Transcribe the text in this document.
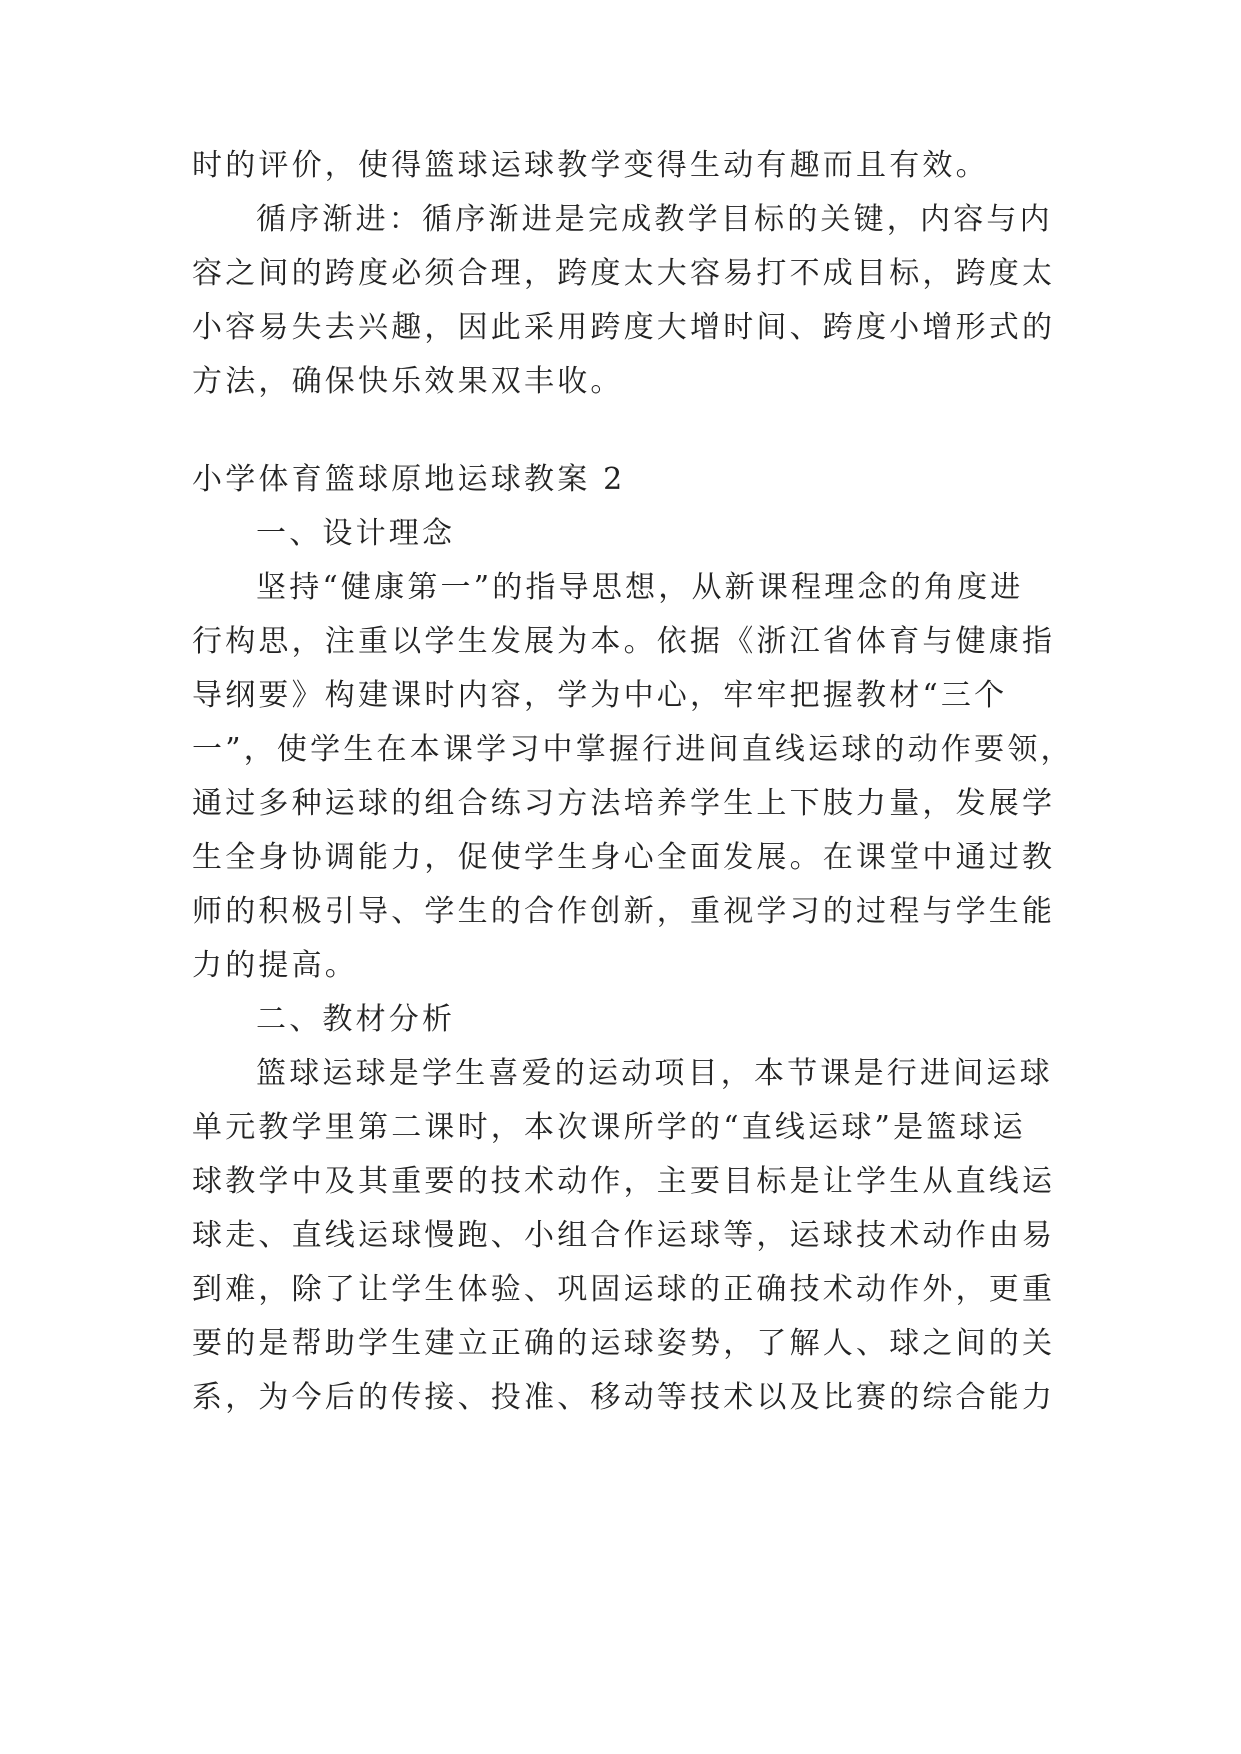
时的评价，使得篮球运球教学变得生动有趣而且有效。
循序渐进：循序渐进是完成教学目标的关键，内容与内
容之间的跨度必须合理，跨度太大容易打不成目标，跨度太
小容易失去兴趣，因此采用跨度大增时间、跨度小增形式的
方法，确保快乐效果双丰收。
小学体育篮球原地运球教案 2
一、设计理念
坚持“健康第一”的指导思想，从新课程理念的角度进
行构思，注重以学生发展为本。依据《浙江省体育与健康指
导纲要》构建课时内容，学为中心，牢牢把握教材“三个
一”，使学生在本课学习中掌握行进间直线运球的动作要领，
通过多种运球的组合练习方法培养学生上下肢力量，发展学
生全身协调能力，促使学生身心全面发展。在课堂中通过教
师的积极引导、学生的合作创新，重视学习的过程与学生能
力的提高。
二、教材分析
篮球运球是学生喜爱的运动项目，本节课是行进间运球
单元教学里第二课时，本次课所学的“直线运球”是篮球运
球教学中及其重要的技术动作，主要目标是让学生从直线运
球走、直线运球慢跑、小组合作运球等，运球技术动作由易
到难，除了让学生体验、巩固运球的正确技术动作外，更重
要的是帮助学生建立正确的运球姿势，了解人、球之间的关
系，为今后的传接、投准、移动等技术以及比赛的综合能力
